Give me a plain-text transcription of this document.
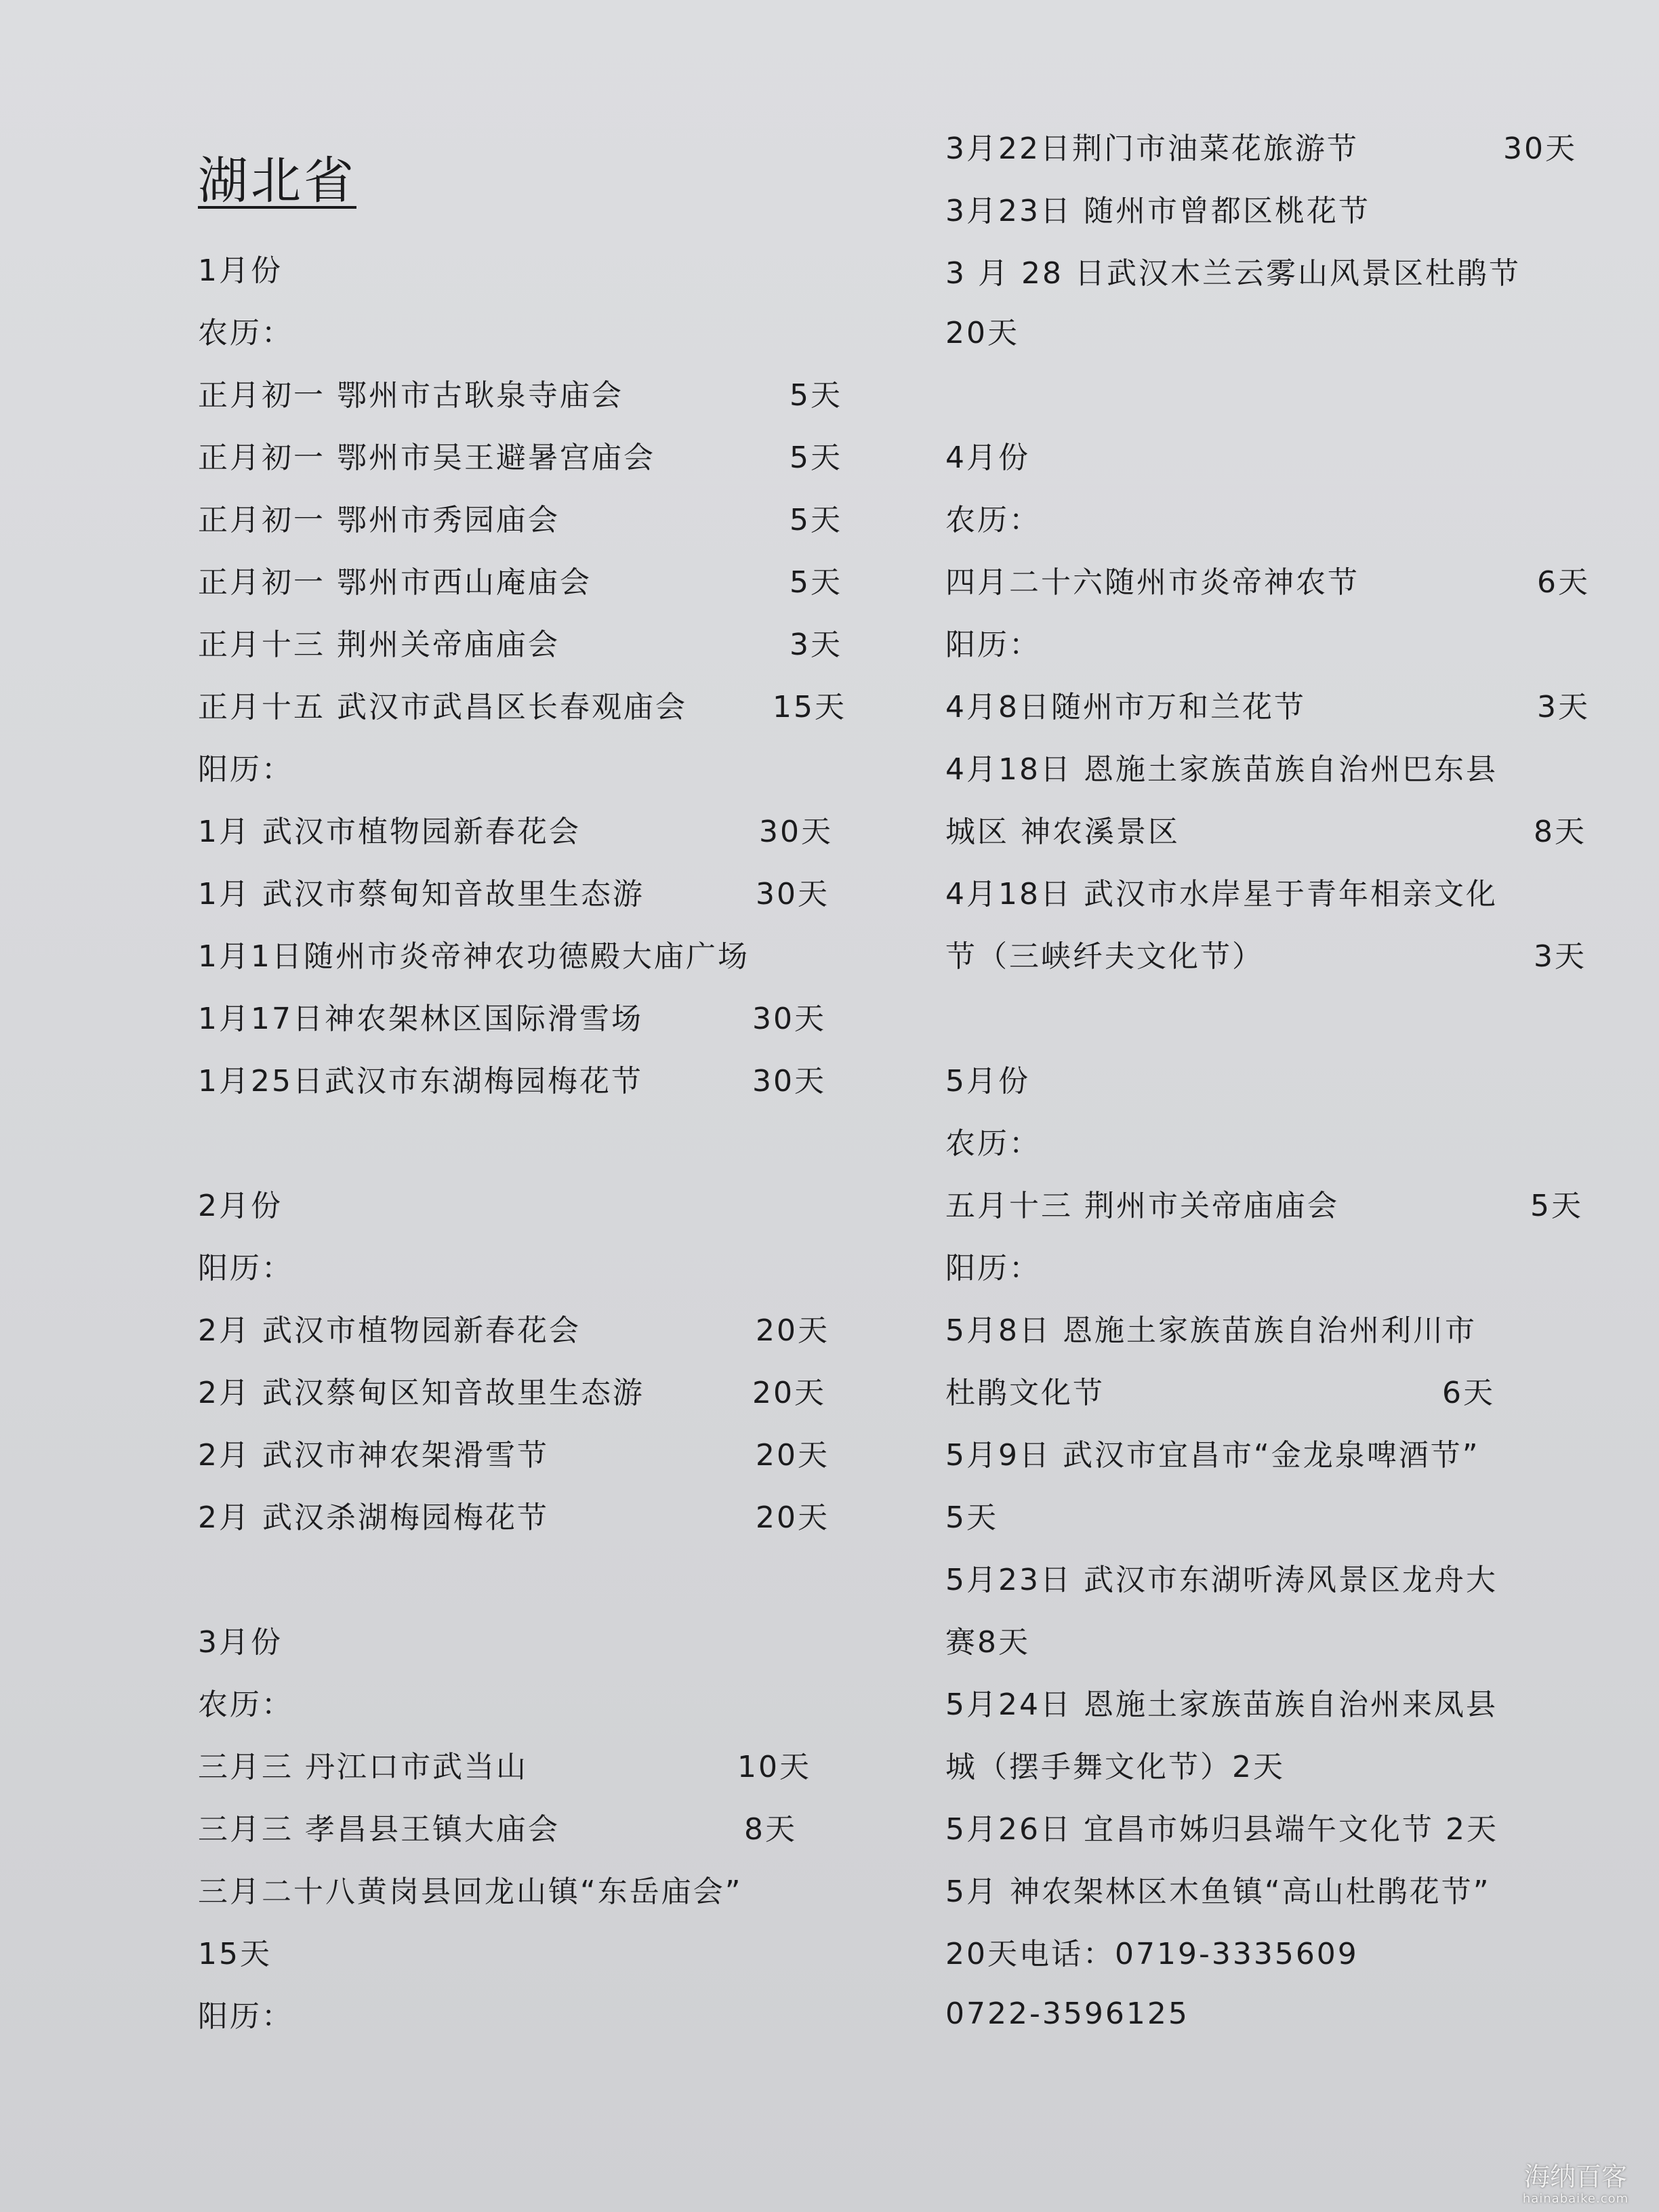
湖北省
1月份
农历：
正月初一 鄂州市古耿泉寺庙会	5天
正月初一 鄂州市吴王避暑宫庙会	5天
正月初一 鄂州市秀园庙会	5天
正月初一 鄂州市西山庵庙会	5天
正月十三 荆州关帝庙庙会	3天
正月十五 武汉市武昌区长春观庙会	15天
阳历：
1月 武汉市植物园新春花会	30天
1月 武汉市蔡甸知音故里生态游	30天
1月1日随州市炎帝神农功德殿大庙广场
1月17日神农架林区国际滑雪场	30天
1月25日武汉市东湖梅园梅花节	30天
2月份
阳历：
2月 武汉市植物园新春花会	20天
2月 武汉蔡甸区知音故里生态游	20天
2月 武汉市神农架滑雪节	20天
2月 武汉杀湖梅园梅花节	20天
3月份
农历：
三月三 丹江口市武当山	10天
三月三 孝昌县王镇大庙会	8天
三月二十八黄岗县回龙山镇“东岳庙会”
15天
阳历：
3月22日荆门市油菜花旅游节	30天
3月23日 随州市曾都区桃花节
3 月 28 日武汉木兰云雾山风景区杜鹃节
20天
4月份
农历：
四月二十六随州市炎帝神农节	6天
阳历：
4月8日随州市万和兰花节	3天
4月18日 恩施土家族苗族自治州巴东县
城区 神农溪景区	8天
4月18日 武汉市水岸星于青年相亲文化
节（三峡纤夫文化节）	3天
5月份
农历：
五月十三 荆州市关帝庙庙会	5天
阳历：
5月8日 恩施土家族苗族自治州利川市
杜鹃文化节	6天
5月9日 武汉市宜昌市“金龙泉啤酒节”
5天
5月23日 武汉市东湖听涛风景区龙舟大
赛8天
5月24日 恩施土家族苗族自治州来凤县
城（摆手舞文化节）2天
5月26日 宜昌市姊归县端午文化节 2天
5月 神农架林区木鱼镇“高山杜鹃花节”
20天电话：0719-3335609
0722-3596125
海纳百客
hainabaike.com
